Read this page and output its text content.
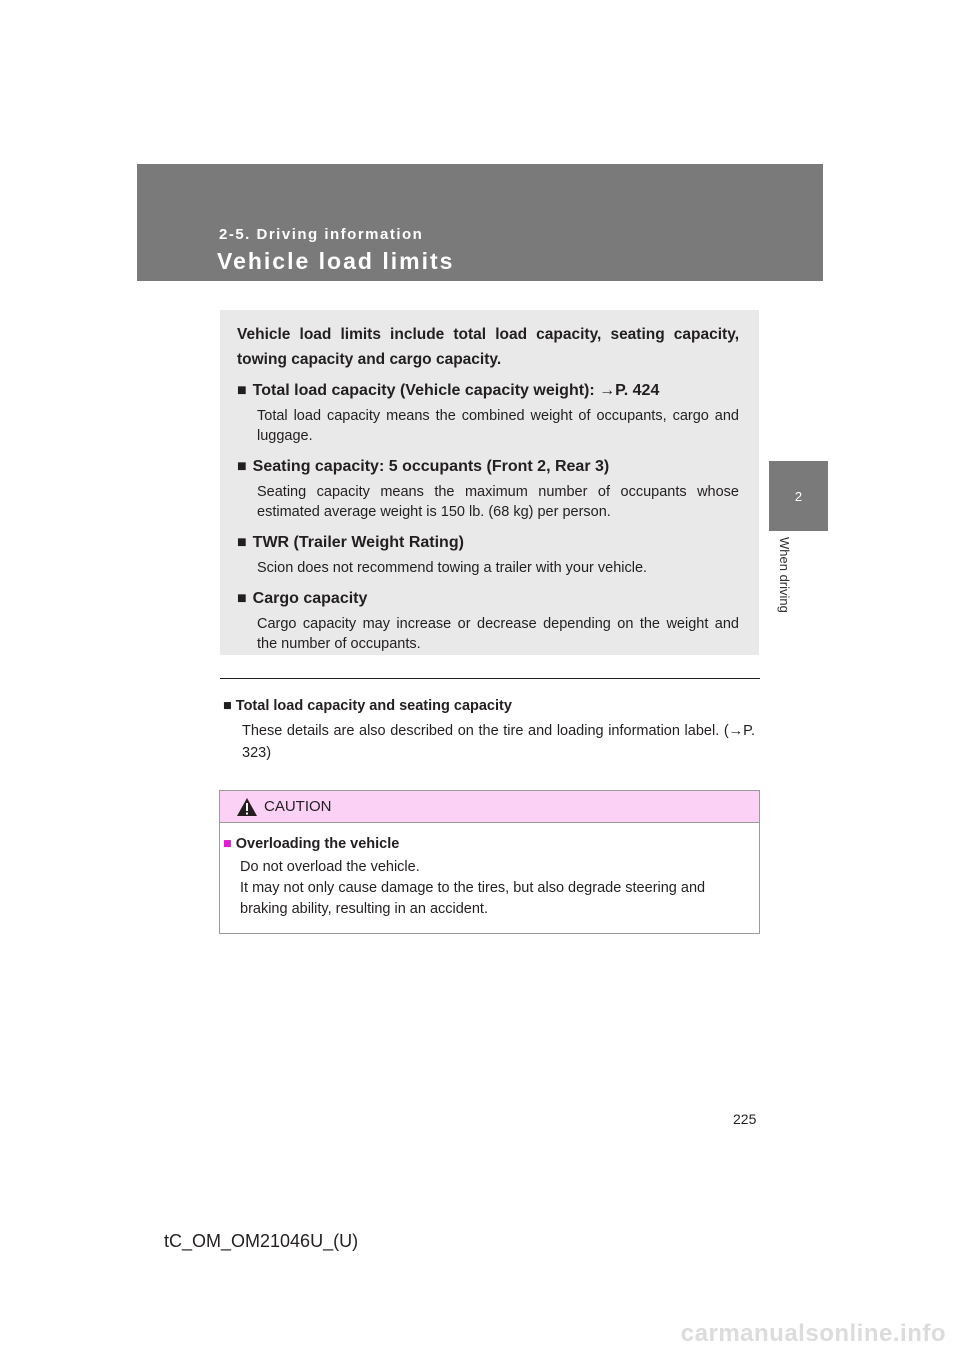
2-5. Driving information
Vehicle load limits
2
When driving

Vehicle load limits include total load capacity, seating capacity, towing capacity and cargo capacity.

■ Total load capacity (Vehicle capacity weight): →P. 424

Total load capacity means the combined weight of occupants, cargo and luggage.

■ Seating capacity: 5 occupants (Front 2, Rear 3)

Seating capacity means the maximum number of occupants whose estimated average weight is 150 lb. (68 kg) per person.

■ TWR (Trailer Weight Rating)

Scion does not recommend towing a trailer with your vehicle.

■ Cargo capacity

Cargo capacity may increase or decrease depending on the weight and the number of occupants.

■ Total load capacity and seating capacity

These details are also described on the tire and loading information label. (→P. 323)

CAUTION

■ Overloading the vehicle

Do not overload the vehicle.
It may not only cause damage to the tires, but also degrade steering and braking ability, resulting in an accident.

225
tC_OM_OM21046U_(U)
carmanualsonline.info
